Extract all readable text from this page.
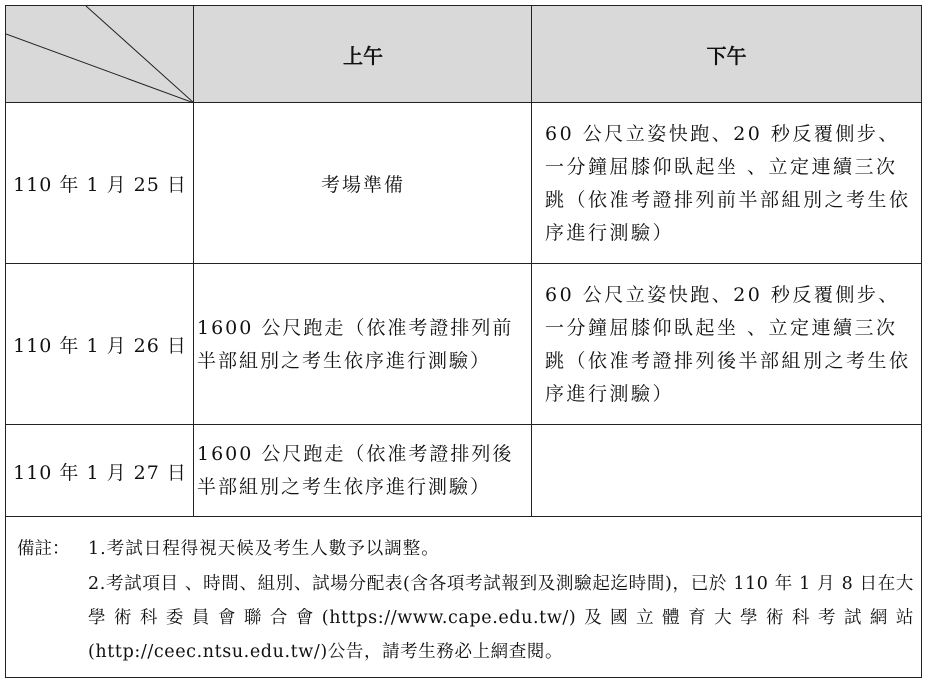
上午	下午
110 年 1 月 25 日	考場準備
60 公尺立姿快跑、20 秒反覆側步、一分鐘屈膝仰臥起坐 、立定連續三次跳（依准考證排列前半部組別之考生依序進行測驗）
110 年 1 月 26 日
1600 公尺跑走（依准考證排列前半部組別之考生依序進行測驗）
60 公尺立姿快跑、20 秒反覆側步、一分鐘屈膝仰臥起坐 、立定連續三次跳（依准考證排列後半部組別之考生依序進行測驗）
110 年 1 月 27 日
1600 公尺跑走（依准考證排列後半部組別之考生依序進行測驗）
備註： 1.考試日程得視天候及考生人數予以調整。
2.考試項目 、時間、組別、試場分配表(含各項考試報到及測驗起迄時間)，已於 110 年 1 月 8 日在大學術科委員會聯合會(https://www.cape.edu.tw/)及國立體育大學術科考試網站(http://ceec.ntsu.edu.tw/)公告，請考生務必上網查閱。
